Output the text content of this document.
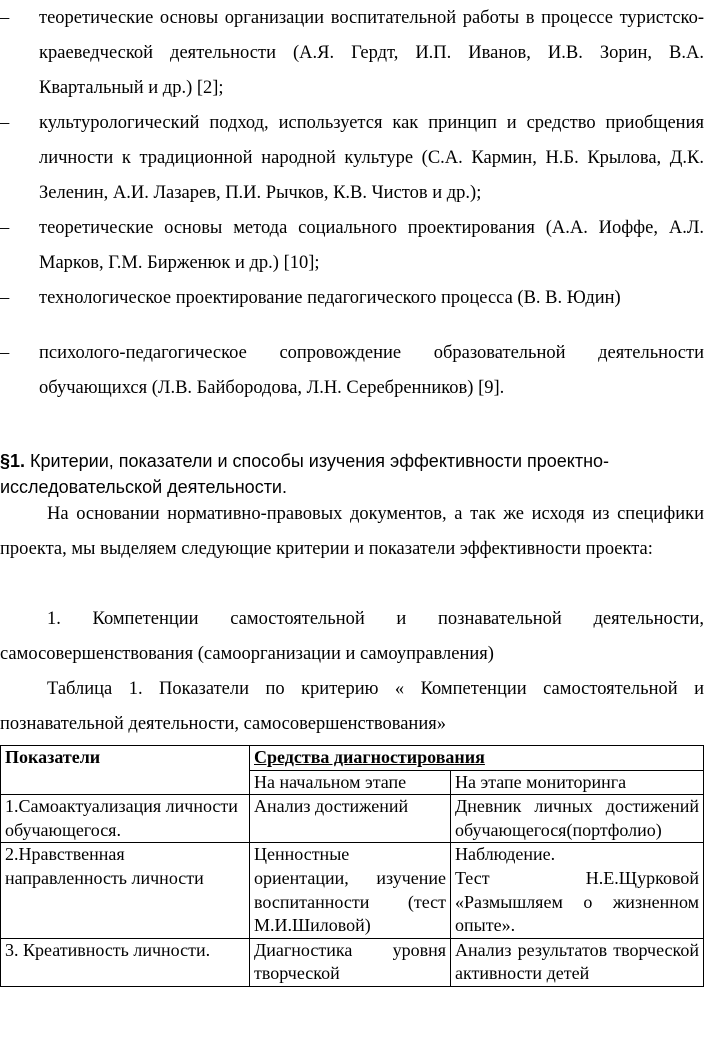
–	теоретические основы организации воспитательной работы в процессе туристско-краеведческой деятельности (А.Я. Гердт, И.П. Иванов, И.В. Зорин, В.А. Квартальный и др.) [2];
–	культурологический подход, используется как принцип и средство приобщения личности к традиционной народной культуре (С.А. Кармин, Н.Б. Крылова, Д.К. Зеленин, А.И. Лазарев, П.И. Рычков, К.В. Чистов и др.);
–	теоретические основы метода социального проектирования (А.А. Иоффе, А.Л. Марков, Г.М. Бирженюк и др.) [10];
–	технологическое проектирование педагогического процесса (В. В. Юдин)
–	психолого-педагогическое сопровождение образовательной деятельности обучающихся (Л.В. Байбородова, Л.Н. Серебренников) [9].
§1. Критерии, показатели и способы изучения эффективности проектно-исследовательской деятельности.
На основании нормативно-правовых документов, а так же исходя из специфики проекта, мы выделяем следующие критерии и показатели эффективности проекта:
1. Компетенции самостоятельной и познавательной деятельности, самосовершенствования (самоорганизации и самоуправления)
Таблица 1. Показатели по критерию « Компетенции самостоятельной и познавательной деятельности, самосовершенствования»
Показатели	Средства диагностирования	
	На начальном этапе	На этапе мониторинга
1.Самоактуализация личности обучающегося.	Анализ достижений	Дневник личных достижений обучающегося(портфолио)
2.Нравственная направленность личности	Ценностные ориентации, изучение воспитанности (тест М.И.Шиловой)	Наблюдение.
Тест Н.Е.Щурковой «Размышляем о жизненном опыте».

3. Креативность личности.	Диагностика уровня творческой	Анализ результатов творческой активности детей
